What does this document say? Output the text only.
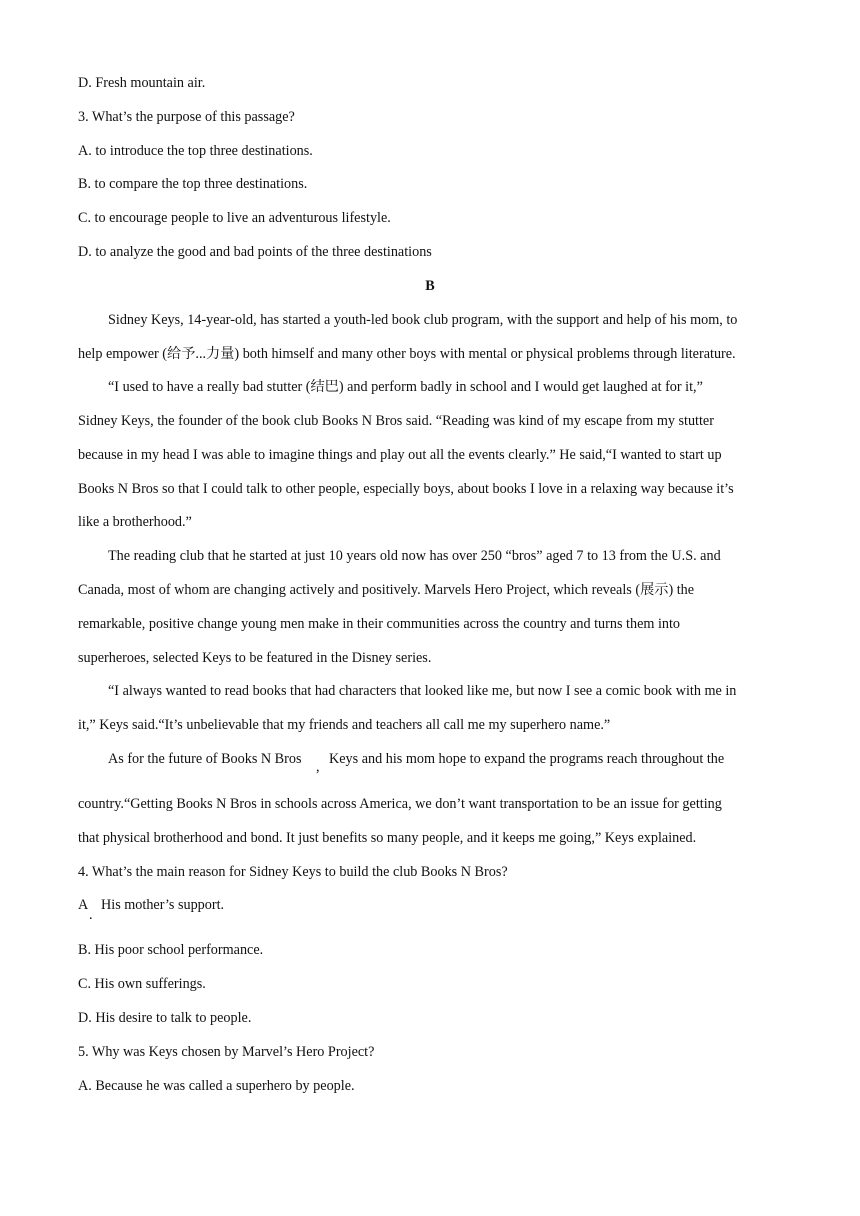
D. Fresh mountain air.
3. What’s the purpose of this passage?
A. to introduce the top three destinations.
B. to compare the top three destinations.
C. to encourage people to live an adventurous lifestyle.
D. to analyze the good and bad points of the three destinations
B
Sidney Keys, 14-year-old, has started a youth-led book club program, with the support and help of his mom, to
help empower (给予...力量) both himself and many other boys with mental or physical problems through literature.
“I used to have a really bad stutter (结巴) and perform badly in school and I would get laughed at for it,”
Sidney Keys, the founder of the book club Books N Bros said. “Reading was kind of my escape from my stutter
because in my head I was able to imagine things and play out all the events clearly.” He said,“I wanted to start up
Books N Bros so that I could talk to other people, especially boys, about books I love in a relaxing way because it’s
like a brotherhood.”
The reading club that he started at just 10 years old now has over 250 “bros” aged 7 to 13 from the U.S. and
Canada, most of whom are changing actively and positively. Marvels Hero Project, which reveals (展示) the
remarkable, positive change young men make in their communities across the country and turns them into
superheroes, selected Keys to be featured in the Disney series.
“I always wanted to read books that had characters that looked like me, but now I see a comic book with me in
it,” Keys said.“It’s unbelievable that my friends and teachers all call me my superhero name.”
As for the future of Books N Bros , Keys and his mom hope to expand the programs reach throughout the
country.“Getting Books N Bros in schools across America, we don’t want transportation to be an issue for getting
that physical brotherhood and bond. It just benefits so many people, and it keeps me going,” Keys explained.
4. What’s the main reason for Sidney Keys to build the club Books N Bros?
A
.
His mother’s support.
B. His poor school performance.
C. His own sufferings.
D. His desire to talk to people.
5. Why was Keys chosen by Marvel’s Hero Project?
A. Because he was called a superhero by people.
